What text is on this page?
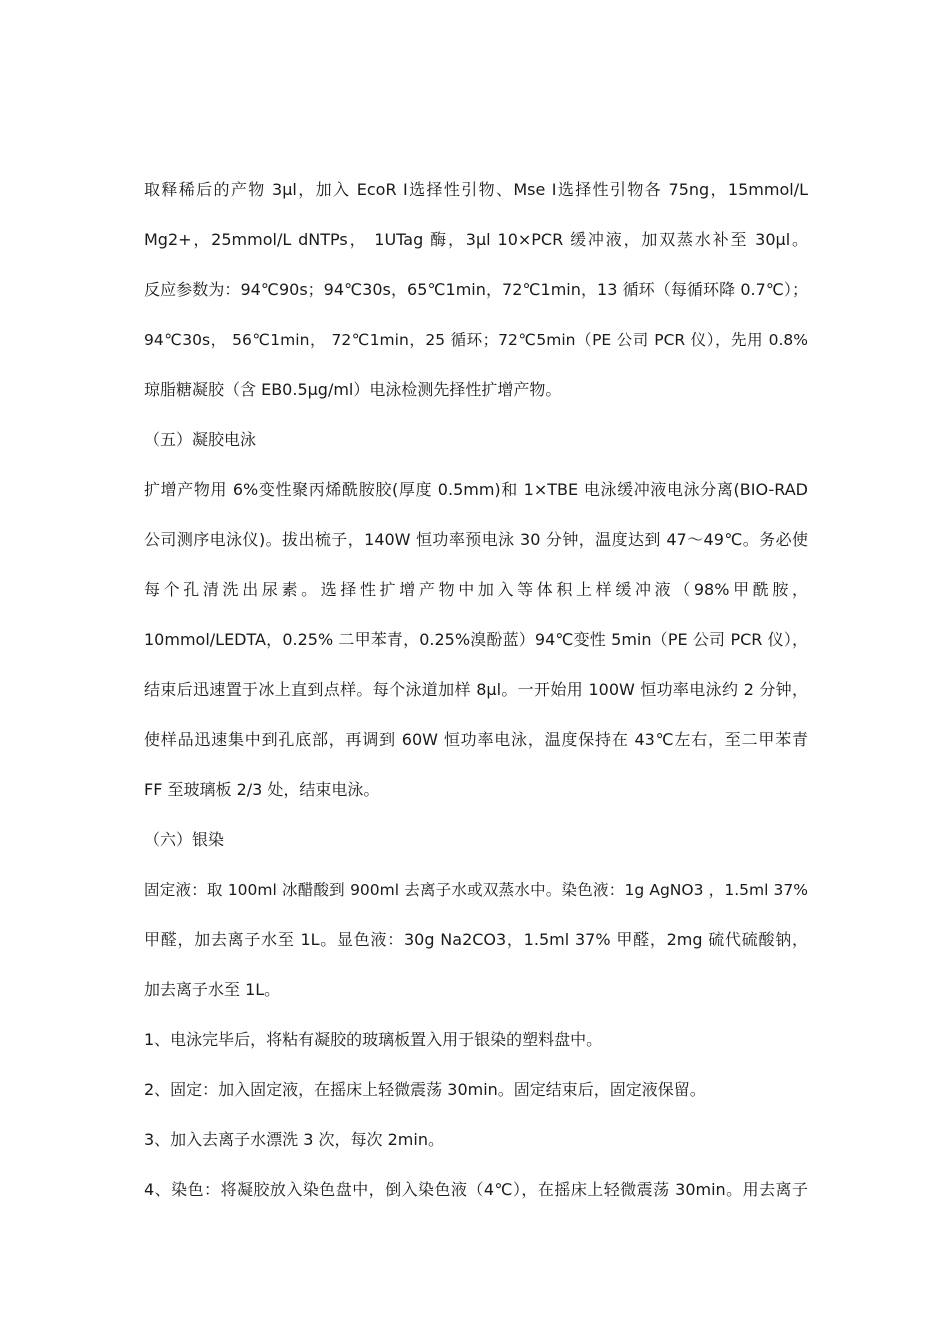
取释稀后的产物 3μl，加入 EcoR Ⅰ选择性引物、Mse Ⅰ选择性引物各 75ng，15mmol/L
Mg2+，25mmol/L dNTPs， 1UTag 酶，3μl 10×PCR 缓冲液，加双蒸水补至 30μl。
反应参数为：94℃90s；94℃30s，65℃1min，72℃1min，13 循环（每循环降 0.7℃）；
94℃30s， 56℃1min， 72℃1min，25 循环；72℃5min（PE 公司 PCR 仪），先用 0.8%
琼脂糖凝胶（含 EB0.5μg/ml）电泳检测先择性扩增产物。
（五）凝胶电泳
扩增产物用 6%变性聚丙烯酰胺胶(厚度 0.5mm)和 1×TBE 电泳缓冲液电泳分离(BIO-RAD
公司测序电泳仪)。拔出梳子，140W 恒功率预电泳 30 分钟，温度达到 47～49℃。务必使
每个孔清洗出尿素。选择性扩增产物中加入等体积上样缓冲液（98%甲酰胺，
10mmol/LEDTA，0.25% 二甲苯青，0.25%溴酚蓝）94℃变性 5min（PE 公司 PCR 仪），
结束后迅速置于冰上直到点样。每个泳道加样 8μl。一开始用 100W 恒功率电泳约 2 分钟，
使样品迅速集中到孔底部，再调到 60W 恒功率电泳，温度保持在 43℃左右，至二甲苯青
FF 至玻璃板 2/3 处，结束电泳。
（六）银染
固定液：取 100ml 冰醋酸到 900ml 去离子水或双蒸水中。染色液：1g AgNO3 ，1.5ml 37%
甲醛，加去离子水至 1L。显色液：30g Na2CO3，1.5ml 37% 甲醛，2mg 硫代硫酸钠，
加去离子水至 1L。
1、电泳完毕后，将粘有凝胶的玻璃板置入用于银染的塑料盘中。
2、固定：加入固定液，在摇床上轻微震荡 30min。固定结束后，固定液保留。
3、加入去离子水漂洗 3 次，每次 2min。
4、染色：将凝胶放入染色盘中，倒入染色液（4℃），在摇床上轻微震荡 30min。用去离子
